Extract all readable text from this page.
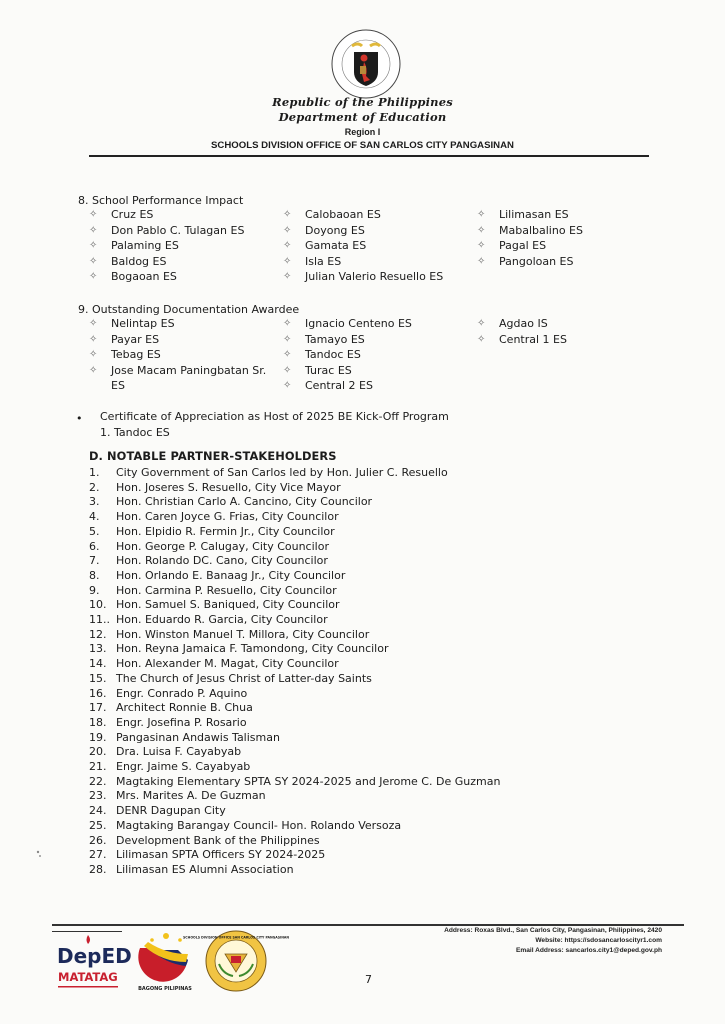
Republic of the Philippines
Department of Education
Region I
SCHOOLS DIVISION OFFICE OF SAN CARLOS CITY PANGASINAN
8. School Performance Impact
✧	Cruz ES
✧	Don Pablo C. Tulagan ES
✧	Palaming ES
✧	Baldog ES
✧	Bogaoan ES
✧	Calobaoan ES
✧	Doyong ES
✧	Gamata ES
✧	Isla ES
✧	Julian Valerio Resuello ES
✧	Lilimasan ES
✧	Mabalbalino ES
✧	Pagal ES
✧	Pangoloan ES
9. Outstanding Documentation Awardee
✧	Nelintap ES
✧	Payar ES
✧	Tebag ES
✧	Jose Macam Paningbatan Sr. ES
✧	Ignacio Centeno ES
✧	Tamayo ES
✧	Tandoc ES
✧	Turac ES
✧	Central 2 ES
✧	Agdao IS
✧	Central 1 ES
• Certificate of Appreciation as Host of 2025 BE Kick-Off Program
1. Tandoc ES
D. NOTABLE PARTNER-STAKEHOLDERS
1.	City Government of San Carlos led by Hon. Julier C. Resuello
2.	Hon. Joseres S. Resuello, City Vice Mayor
3.	Hon. Christian Carlo A. Cancino, City Councilor
4.	Hon. Caren Joyce G. Frias, City Councilor
5.	Hon. Elpidio R. Fermin Jr., City Councilor
6.	Hon. George P. Calugay, City Councilor
7.	Hon. Rolando DC. Cano, City Councilor
8.	Hon. Orlando E. Banaag Jr., City Councilor
9.	Hon. Carmina P. Resuello, City Councilor
10. Hon. Samuel S. Baniqued, City Councilor
11.. Hon. Eduardo R. Garcia, City Councilor
12. Hon. Winston Manuel T. Millora, City Councilor
13. Hon. Reyna Jamaica F. Tamondong, City Councilor
14. Hon. Alexander M. Magat, City Councilor
15. The Church of Jesus Christ of Latter-day Saints
16. Engr. Conrado P. Aquino
17. Architect Ronnie B. Chua
18. Engr. Josefina P. Rosario
19. Pangasinan Andawis Talisman
20. Dra. Luisa F. Cayabyab
21. Engr. Jaime S. Cayabyab
22. Magtaking Elementary SPTA SY 2024-2025 and Jerome C. De Guzman
23. Mrs. Marites A. De Guzman
24. DENR Dagupan City
25. Magtaking Barangay Council- Hon. Rolando Versoza
26. Development Bank of the Philippines
27. Lilimasan SPTA Officers SY 2024-2025
28. Lilimasan ES Alumni Association
DepED
MATATAG
BAGONG PILIPINAS
SCHOOLS DIVISION OFFICE SAN CARLOS CITY PANGASINAN
Address: Roxas Blvd., San Carlos City, Pangasinan, Philippines, 2420
Website: https://sdosancarloscityr1.com
Email Address: sancarlos.city1@deped.gov.ph
7
